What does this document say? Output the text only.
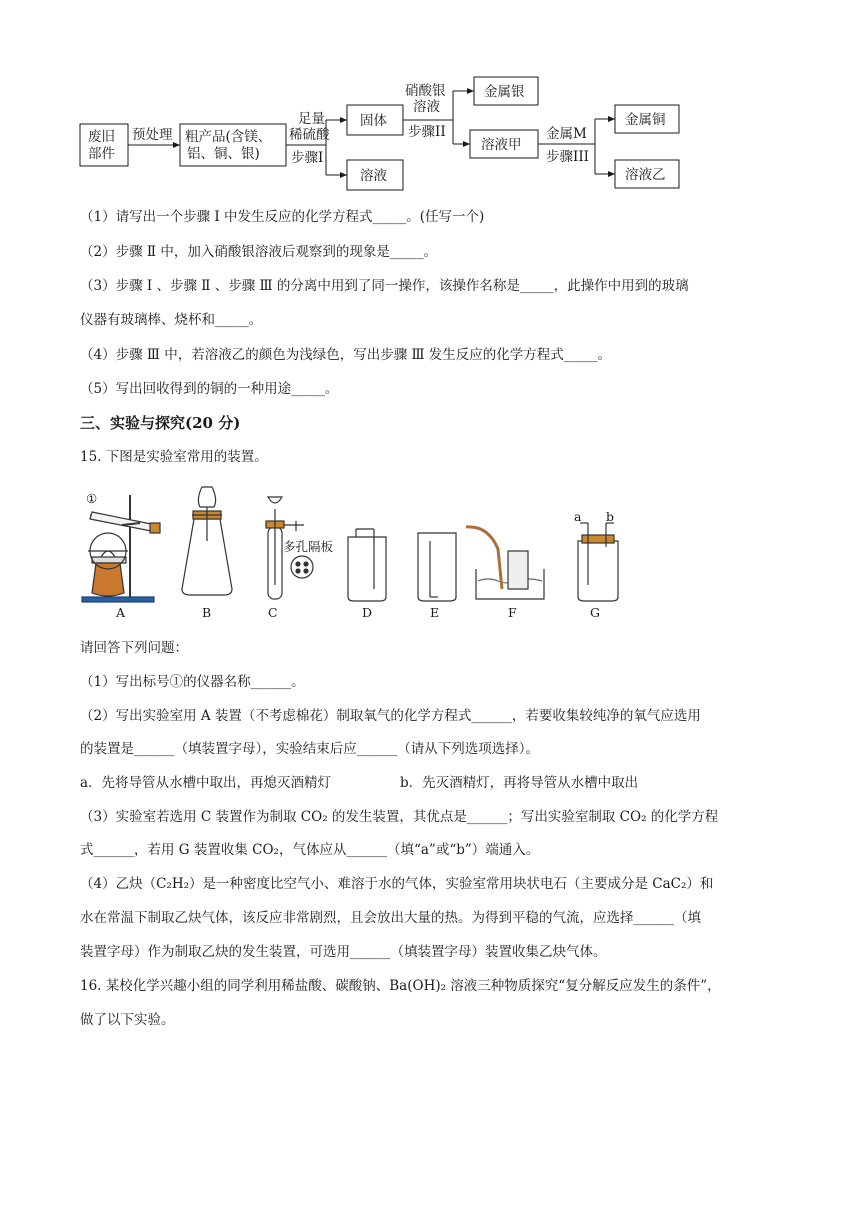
废旧
部件
预处理 粗产品(含镁、
铝、铜、银)
足量
稀硫酸
步骤I
固体
溶液
硝酸银
溶液
步骤II
金属银
溶液甲
金属M
步骤III
金属铜
溶液乙
（1）请写出一个步骤 Ⅰ 中发生反应的化学方程式_____。(任写一个)
（2）步骤 Ⅱ 中，加入硝酸银溶液后观察到的现象是_____。
（3）步骤 Ⅰ 、步骤 Ⅱ 、步骤 Ⅲ 的分离中用到了同一操作，该操作名称是_____，此操作中用到的玻璃
仪器有玻璃棒、烧杯和_____。
（4）步骤 Ⅲ 中，若溶液乙的颜色为浅绿色，写出步骤 Ⅲ 发生反应的化学方程式_____。
（5）写出回收得到的铜的一种用途_____。
三、实验与探究(20 分)
15. 下图是实验室常用的装置。
①
多孔隔板
a b
A	B	C	D	E	F	G
请回答下列问题：
（1）写出标号①的仪器名称______。
（2）写出实验室用 A 装置（不考虑棉花）制取氧气的化学方程式______，若要收集较纯净的氧气应选用
的装置是______（填装置字母），实验结束后应______（请从下列选项选择）。
a．先将导管从水槽中取出，再熄灭酒精灯	b．先灭酒精灯，再将导管从水槽中取出
（3）实验室若选用 C 装置作为制取 CO₂ 的发生装置，其优点是______；写出实验室制取 CO₂ 的化学方程
式______，若用 G 装置收集 CO₂，气体应从______（填“a”或“b”）端通入。
（4）乙炔（C₂H₂）是一种密度比空气小、难溶于水的气体，实验室常用块状电石（主要成分是 CaC₂）和
水在常温下制取乙炔气体，该反应非常剧烈，且会放出大量的热。为得到平稳的气流，应选择______（填
装置字母）作为制取乙炔的发生装置，可选用______（填装置字母）装置收集乙炔气体。
16. 某校化学兴趣小组的同学利用稀盐酸、碳酸钠、Ba(OH)₂ 溶液三种物质探究“复分解反应发生的条件”，
做了以下实验。
